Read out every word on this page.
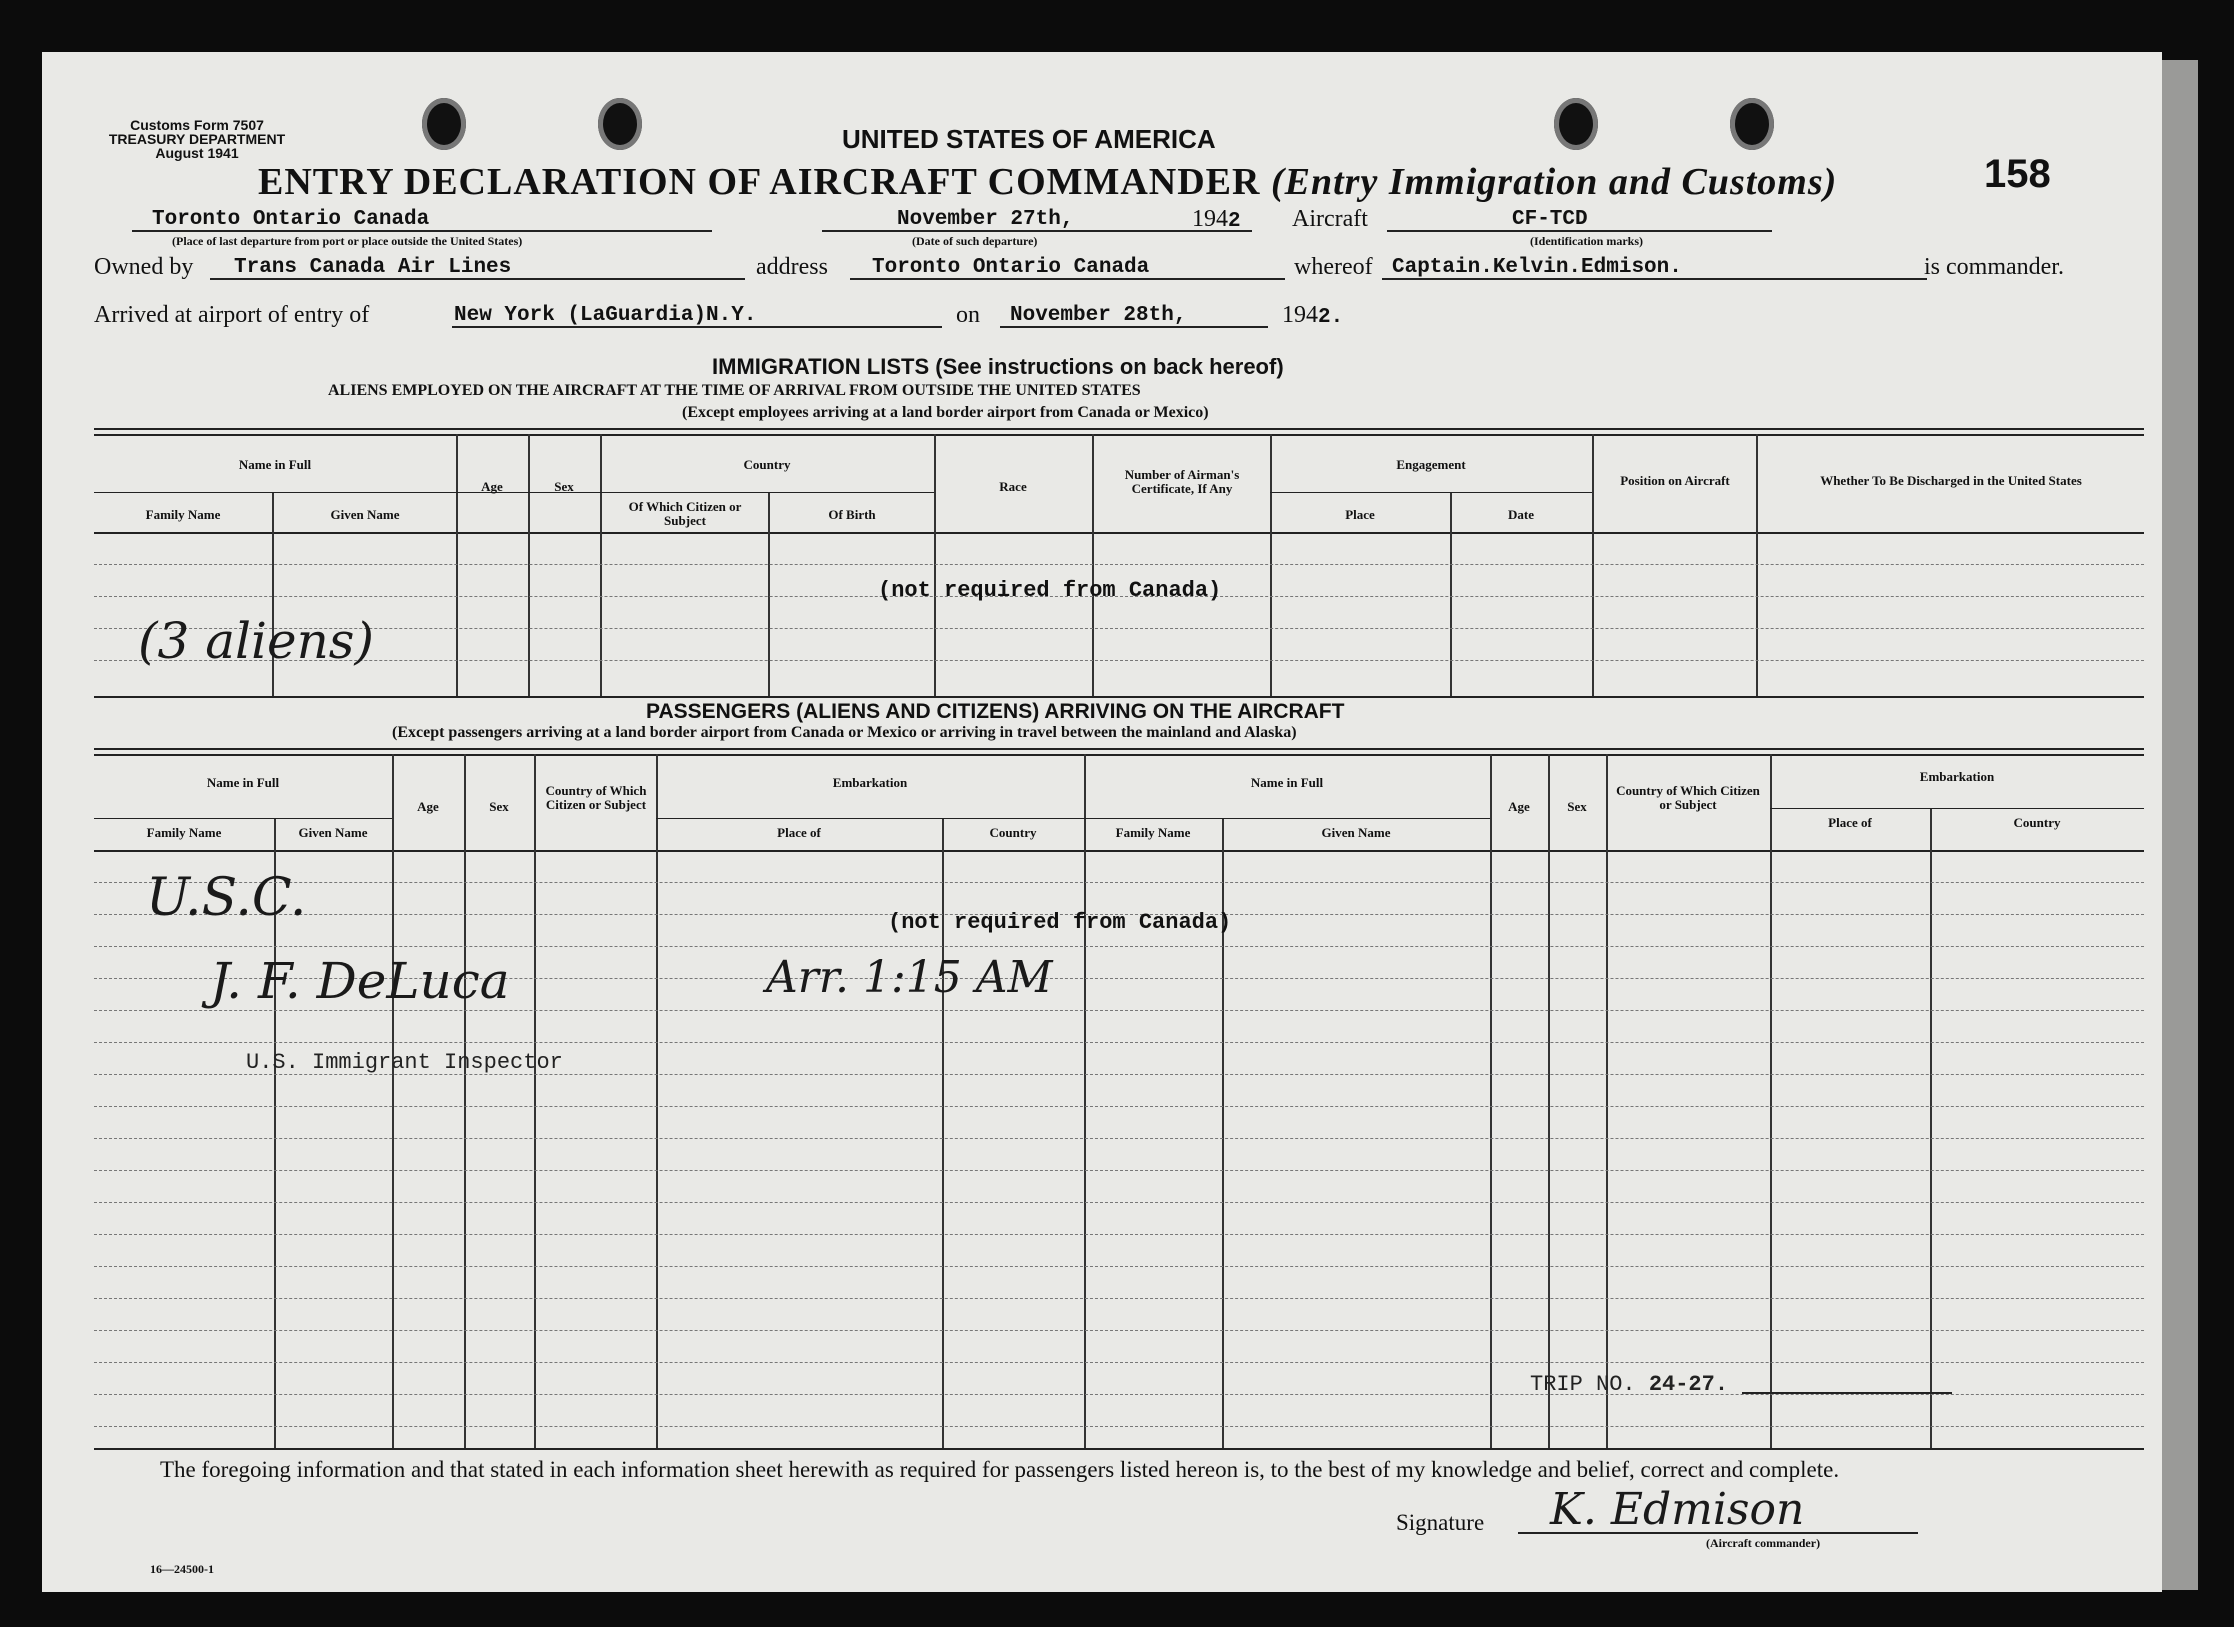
Customs Form 7507
TREASURY DEPARTMENT
August 1941	UNITED STATES OF AMERICA
ENTRY DECLARATION OF AIRCRAFT COMMANDER (Entry Immigration and Customs)	158
Toronto Ontario Canada
(Place of last departure from port or place outside the United States)
November 27th,	1942
(Date of such departure)
Aircraft	CF-TCD
(Identification marks)
Owned by Trans Canada Air Lines	address Toronto Ontario Canada	whereof Captain.Kelvin.Edmison.	is commander.
Arrived at airport of entry of	New York (LaGuardia)N.Y.	on November 28th,	1942.
IMMIGRATION LISTS (See instructions on back hereof)
ALIENS EMPLOYED ON THE AIRCRAFT AT THE TIME OF ARRIVAL FROM OUTSIDE THE UNITED STATES
(Except employees arriving at a land border airport from Canada or Mexico)
Name in Full
Family Name	Given Name
Age	Sex
Country
Of Which Citizen or Subject	Of Birth
Race
Number of Airman's Certificate, If Any
Engagement
Place	Date
Position on Aircraft	Whether To Be Discharged in the United States
(not required from Canada)
(3 aliens)
PASSENGERS (ALIENS AND CITIZENS) ARRIVING ON THE AIRCRAFT
(Except passengers arriving at a land border airport from Canada or Mexico or arriving in travel between the mainland and Alaska)
Name in Full
Family Name	Given Name
Age	Sex
Country of Which Citizen or Subject
Embarkation
Place of	Country
Name in Full
Family Name	Given Name
Age	Sex
Country of Which Citizen or Subject
Embarkation
Place of	Country
(not required from Canada)
U.S.C.
J. F. DeLuca	Arr. 1:15 AM
U.S. Immigrant Inspector
TRIP NO. 24-27.
The foregoing information and that stated in each information sheet herewith as required for passengers listed hereon is, to the best of my knowledge and belief, correct and complete.
Signature K. Edmison
(Aircraft commander)
16—24500-1
